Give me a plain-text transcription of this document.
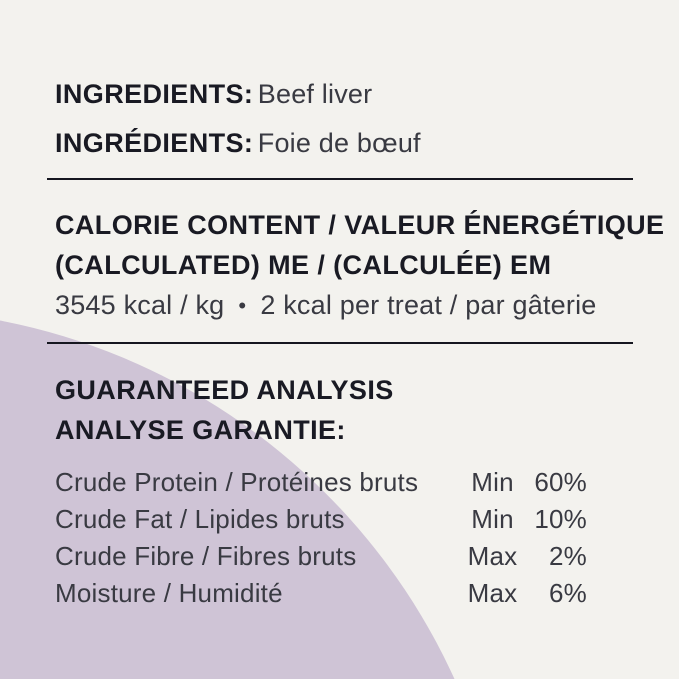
INGREDIENTS: Beef liver
INGRÉDIENTS: Foie de bœuf
CALORIE CONTENT / VALEUR ÉNERGÉTIQUE
(CALCULATED) ME / (CALCULÉE) EM
3545 kcal / kg • 2 kcal per treat / par gâterie
GUARANTEED ANALYSIS
ANALYSE GARANTIE:
Crude Protein / Protéines bruts	Min 60%
Crude Fat / Lipides bruts	Min 10%
Crude Fibre / Fibres bruts	Max	2%
Moisture / Humidité	Max	6%
